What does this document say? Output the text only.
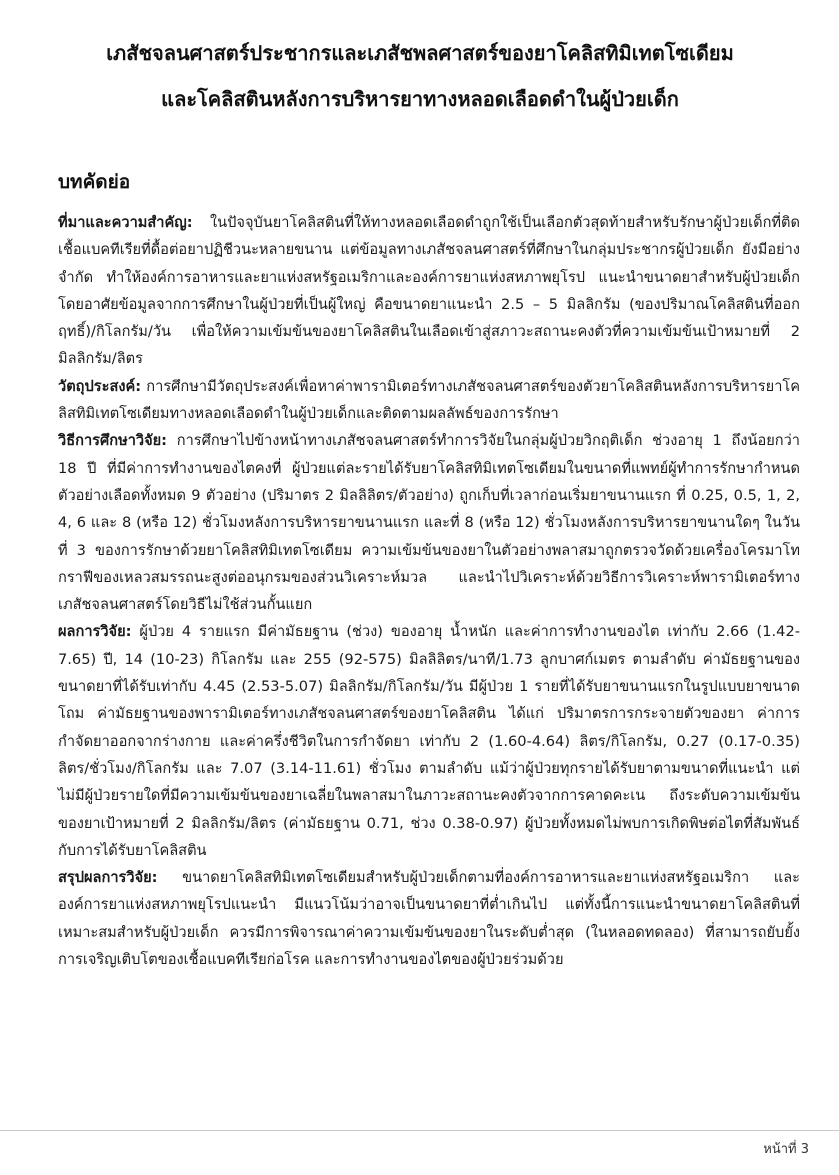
เภสัชจลนศาสตร์ประชากรและเภสัชพลศาสตร์ของยาโคลิสทิมิเทตโซเดียม
และโคลิสตินหลังการบริหารยาทางหลอดเลือดดำในผู้ป่วยเด็ก
บทคัดย่อ

ที่มาและความสำคัญ: ในปัจจุบันยาโคลิสตินที่ให้ทางหลอดเลือดดำถูกใช้เป็นเลือกตัวสุดท้ายสำหรับรักษาผู้ป่วยเด็กที่ติดเชื้อแบคทีเรียที่ดื้อต่อยาปฏิชีวนะหลายขนาน แต่ข้อมูลทางเภสัชจลนศาสตร์ที่ศึกษาในกลุ่มประชากรผู้ป่วยเด็ก ยังมีอย่างจำกัด ทำให้องค์การอาหารและยาแห่งสหรัฐอเมริกาและองค์การยาแห่งสหภาพยุโรป แนะนำขนาดยาสำหรับผู้ป่วยเด็กโดยอาศัยข้อมูลจากการศึกษาในผู้ป่วยที่เป็นผู้ใหญ่ คือขนาดยาแนะนำ 2.5 – 5 มิลลิกรัม (ของปริมาณโคลิสตินที่ออกฤทธิ์)/กิโลกรัม/วัน เพื่อให้ความเข้มข้นของยาโคลิสตินในเลือดเข้าสู่สภาวะสถานะคงตัวที่ความเข้มข้นเป้าหมายที่ 2 มิลลิกรัม/ลิตร

วัตถุประสงค์: การศึกษามีวัตถุประสงค์เพื่อหาค่าพารามิเตอร์ทางเภสัชจลนศาสตร์ของตัวยาโคลิสตินหลังการบริหารยาโคลิสทิมิเทตโซเดียมทางหลอดเลือดดำในผู้ป่วยเด็กและติดตามผลลัพธ์ของการรักษา

วิธีการศึกษาวิจัย: การศึกษาไปข้างหน้าทางเภสัชจลนศาสตร์ทำการวิจัยในกลุ่มผู้ป่วยวิกฤติเด็ก ช่วงอายุ 1 ถึงน้อยกว่า 18 ปี ที่มีค่าการทำงานของไตคงที่ ผู้ป่วยแต่ละรายได้รับยาโคลิสทิมิเทตโซเดียมในขนาดที่แพทย์ผู้ทำการรักษากำหนด ตัวอย่างเลือดทั้งหมด 9 ตัวอย่าง (ปริมาตร 2 มิลลิลิตร/ตัวอย่าง) ถูกเก็บที่เวลาก่อนเริ่มยาขนานแรก ที่ 0.25, 0.5, 1, 2, 4, 6 และ 8 (หรือ 12) ชั่วโมงหลังการบริหารยาขนานแรก และที่ 8 (หรือ 12) ชั่วโมงหลังการบริหารยาขนานใดๆ ในวันที่ 3 ของการรักษาด้วยยาโคลิสทิมิเทตโซเดียม ความเข้มข้นของยาในตัวอย่างพลาสมาถูกตรวจวัดด้วยเครื่องโครมาโทกราฟีของเหลวสมรรถนะสูงต่ออนุกรมของส่วนวิเคราะห์มวล และนำไปวิเคราะห์ด้วยวิธีการวิเคราะห์พารามิเตอร์ทางเภสัชจลนศาสตร์โดยวิธีไม่ใช้ส่วนกั้นแยก

ผลการวิจัย: ผู้ป่วย 4 รายแรก มีค่ามัธยฐาน (ช่วง) ของอายุ น้ำหนัก และค่าการทำงานของไต เท่ากับ 2.66 (1.42-7.65) ปี, 14 (10-23) กิโลกรัม และ 255 (92-575) มิลลิลิตร/นาที/1.73 ลูกบาศก์เมตร ตามลำดับ ค่ามัธยฐานของขนาดยาที่ได้รับเท่ากับ 4.45 (2.53-5.07) มิลลิกรัม/กิโลกรัม/วัน มีผู้ป่วย 1 รายที่ได้รับยาขนานแรกในรูปแบบยาขนาดโถม ค่ามัธยฐานของพารามิเตอร์ทางเภสัชจลนศาสตร์ของยาโคลิสติน ได้แก่ ปริมาตรการกระจายตัวของยา ค่าการกำจัดยาออกจากร่างกาย และค่าครึ่งชีวิตในการกำจัดยา เท่ากับ 2 (1.60-4.64) ลิตร/กิโลกรัม, 0.27 (0.17-0.35) ลิตร/ชั่วโมง/กิโลกรัม และ 7.07 (3.14-11.61) ชั่วโมง ตามลำดับ แม้ว่าผู้ป่วยทุกรายได้รับยาตามขนาดที่แนะนำ แต่ไม่มีผู้ป่วยรายใดที่มีความเข้มข้นของยาเฉลี่ยในพลาสมาในภาวะสถานะคงตัวจากการคาดคะเน ถึงระดับความเข้มข้นของยาเป้าหมายที่ 2 มิลลิกรัม/ลิตร (ค่ามัธยฐาน 0.71, ช่วง 0.38-0.97) ผู้ป่วยทั้งหมดไม่พบการเกิดพิษต่อไตที่สัมพันธ์กับการได้รับยาโคลิสติน

สรุปผลการวิจัย: ขนาดยาโคลิสทิมิเทตโซเดียมสำหรับผู้ป่วยเด็กตามที่องค์การอาหารและยาแห่งสหรัฐอเมริกา และองค์การยาแห่งสหภาพยุโรปแนะนำ มีแนวโน้มว่าอาจเป็นขนาดยาที่ต่ำเกินไป แต่ทั้งนี้การแนะนำขนาดยาโคลิสตินที่เหมาะสมสำหรับผู้ป่วยเด็ก ควรมีการพิจารณาค่าความเข้มข้นของยาในระดับต่ำสุด (ในหลอดทดลอง) ที่สามารถยับยั้งการเจริญเติบโตของเชื้อแบคทีเรียก่อโรค และการทำงานของไตของผู้ป่วยร่วมด้วย

หน้าที่ 3
